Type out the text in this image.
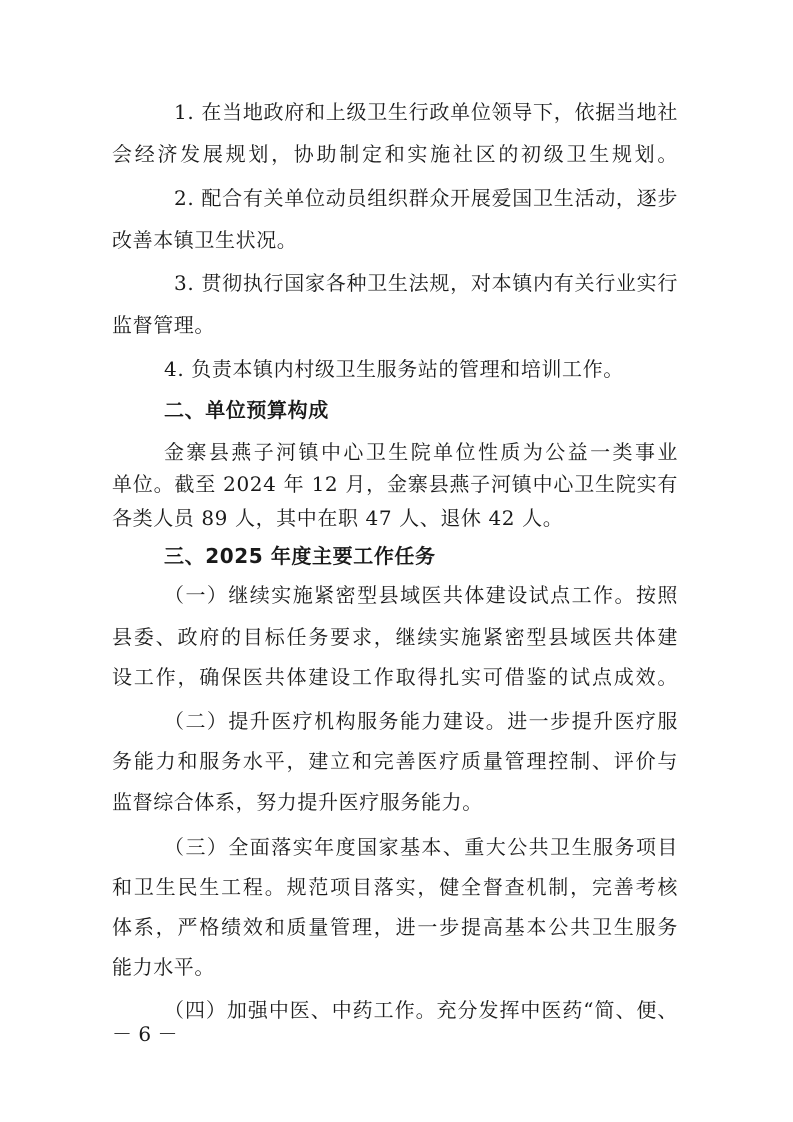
1. 在当地政府和上级卫生行政单位领导下，依据当地社
会经济发展规划，协助制定和实施社区的初级卫生规划。
2. 配合有关单位动员组织群众开展爱国卫生活动，逐步
改善本镇卫生状况。
3. 贯彻执行国家各种卫生法规，对本镇内有关行业实行
监督管理。
4. 负责本镇内村级卫生服务站的管理和培训工作。
二、单位预算构成
金寨县燕子河镇中心卫生院单位性质为公益一类事业
单位。截至 2024 年 12 月，金寨县燕子河镇中心卫生院实有
各类人员 89 人，其中在职 47 人、退休 42 人。
三、2025 年度主要工作任务
（一）继续实施紧密型县域医共体建设试点工作。按照
县委、政府的目标任务要求，继续实施紧密型县域医共体建
设工作，确保医共体建设工作取得扎实可借鉴的试点成效。
（二）提升医疗机构服务能力建设。进一步提升医疗服
务能力和服务水平，建立和完善医疗质量管理控制、评价与
监督综合体系，努力提升医疗服务能力。
（三）全面落实年度国家基本、重大公共卫生服务项目
和卫生民生工程。规范项目落实，健全督查机制，完善考核
体系，严格绩效和质量管理，进一步提高基本公共卫生服务
能力水平。
（四）加强中医、中药工作。充分发挥中医药“简、便、
－ 6 －
